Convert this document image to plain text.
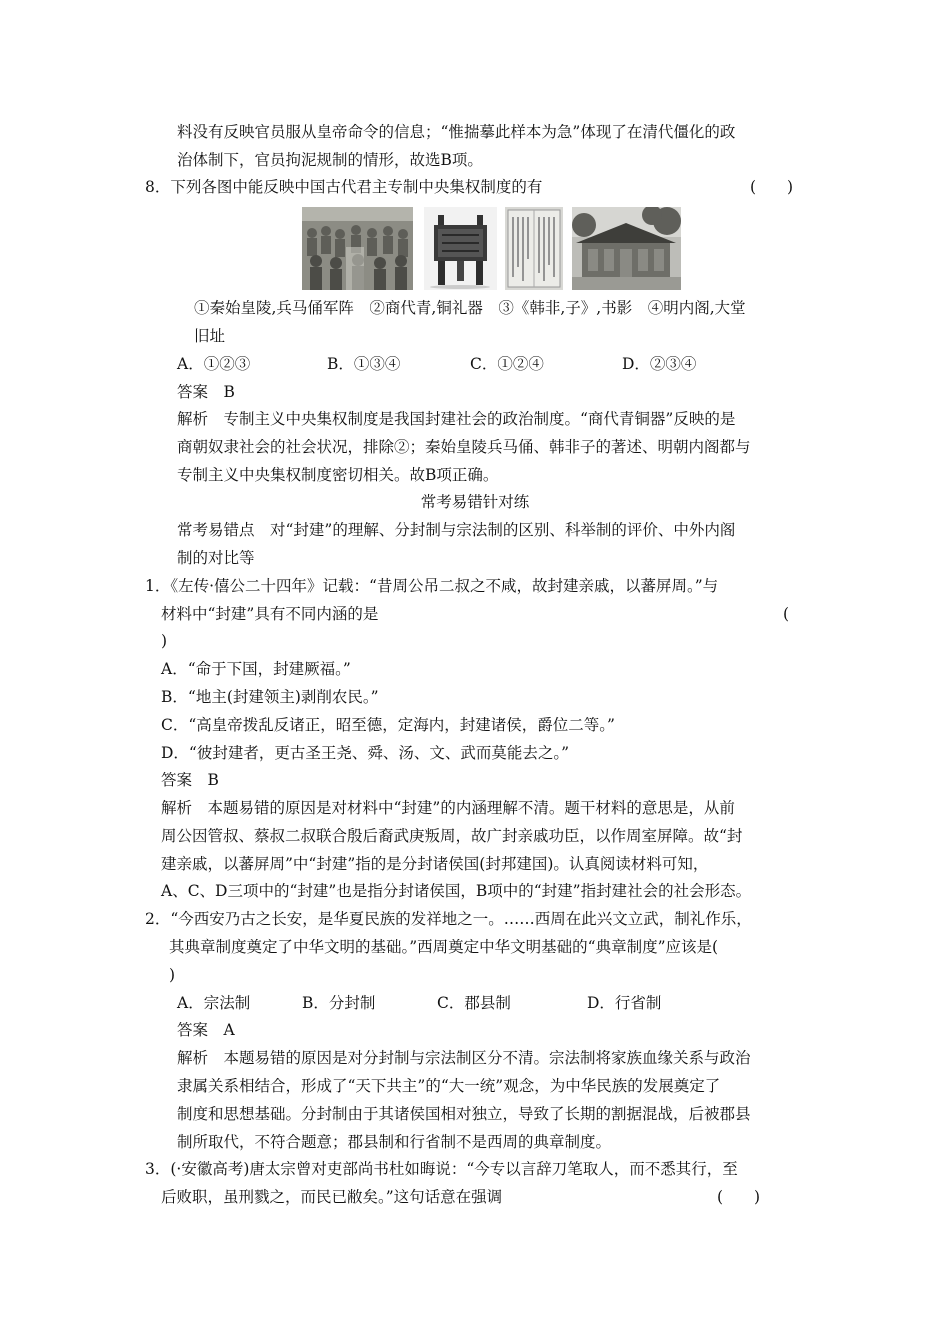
料没有反映官员服从皇帝命令的信息；“惟揣摹此样本为急”体现了在清代僵化的政
治体制下，官员拘泥规制的情形，故选B项。
8．下列各图中能反映中国古代君主专制中央集权制度的有	(　　)
①秦始皇陵,兵马俑军阵　②商代青,铜礼器　③《韩非,子》,书影　④明内阁,大堂
旧址
A．①②③	B．①③④	C．①②④	D．②③④
答案　B
解析　专制主义中央集权制度是我国封建社会的政治制度。“商代青铜器”反映的是
商朝奴隶社会的社会状况，排除②；秦始皇陵兵马俑、韩非子的著述、明朝内阁都与
专制主义中央集权制度密切相关。故B项正确。
常考易错针对练
常考易错点　对“封建”的理解、分封制与宗法制的区别、科举制的评价、中外内阁
制的对比等
1．《左传·僖公二十四年》记载：“昔周公吊二叔之不咸，故封建亲戚，以蕃屏周。”与
材料中“封建”具有不同内涵的是	(
)
A．“命于下国，封建厥福。”
B．“地主(封建领主)剥削农民。”
C．“高皇帝拨乱反诸正，昭至德，定海内，封建诸侯，爵位二等。”
D．“彼封建者，更古圣王尧、舜、汤、文、武而莫能去之。”
答案　B
解析　本题易错的原因是对材料中“封建”的内涵理解不清。题干材料的意思是，从前
周公因管叔、蔡叔二叔联合殷后裔武庚叛周，故广封亲戚功臣，以作周室屏障。故“封
建亲戚，以蕃屏周”中“封建”指的是分封诸侯国(封邦建国)。认真阅读材料可知，
A、C、D三项中的“封建”也是指分封诸侯国，B项中的“封建”指封建社会的社会形态。
2．“今西安乃古之长安，是华夏民族的发祥地之一。……西周在此兴文立武，制礼作乐，
其典章制度奠定了中华文明的基础。”西周奠定中华文明基础的“典章制度”应该是(
)
A．宗法制	B．分封制	C．郡县制	D．行省制
答案　A
解析　本题易错的原因是对分封制与宗法制区分不清。宗法制将家族血缘关系与政治
隶属关系相结合，形成了“天下共主”的“大一统”观念，为中华民族的发展奠定了
制度和思想基础。分封制由于其诸侯国相对独立，导致了长期的割据混战，后被郡县
制所取代，不符合题意；郡县制和行省制不是西周的典章制度。
3．(·安徽高考)唐太宗曾对吏部尚书杜如晦说：“今专以言辞刀笔取人，而不悉其行，至
后败职，虽刑戮之，而民已敝矣。”这句话意在强调	(　　)
